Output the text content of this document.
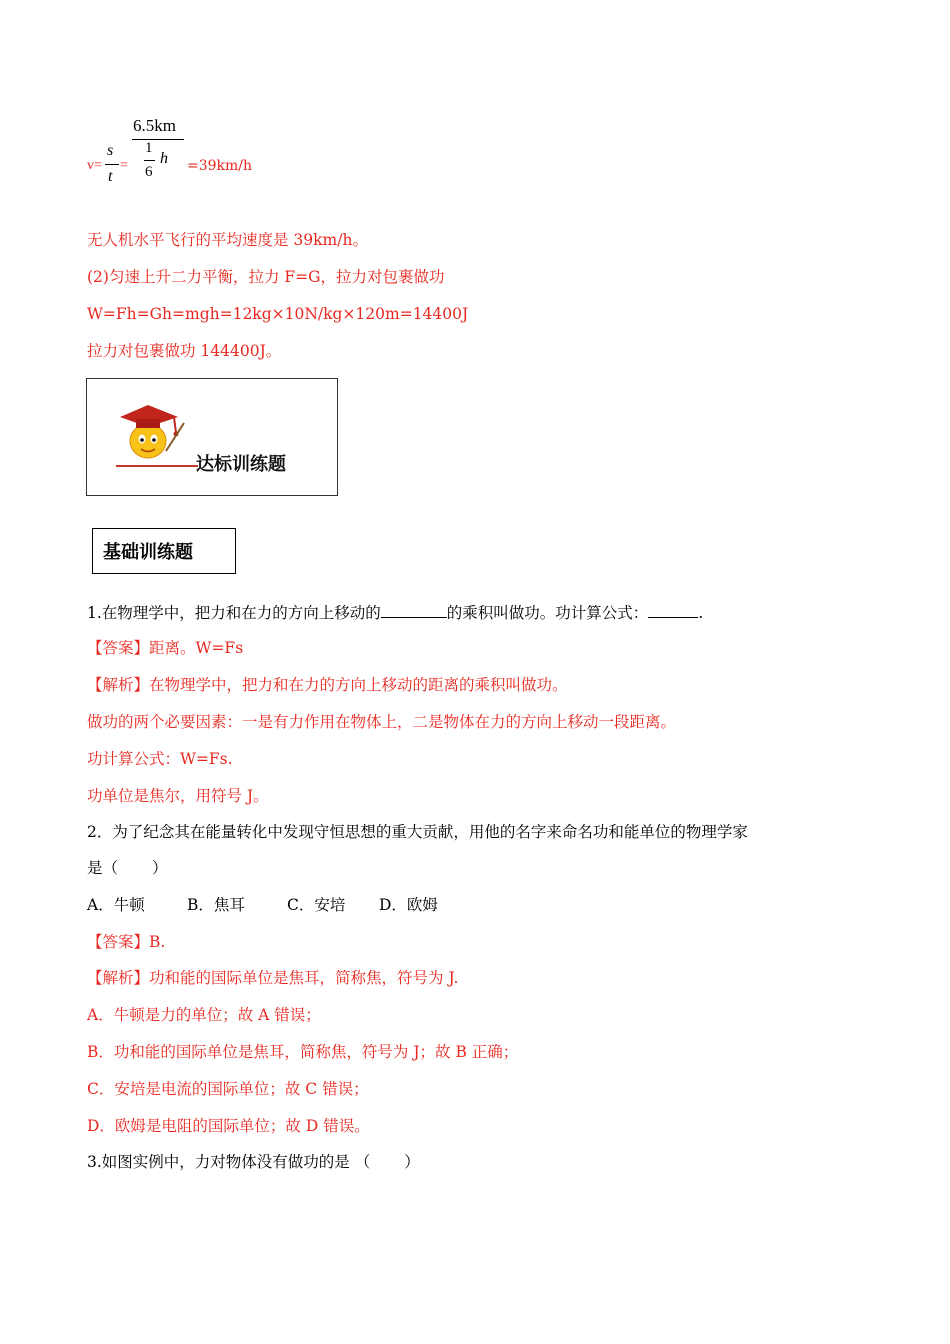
v=
s
t
=
6.5km
1
6
h =39km/h
无人机水平飞行的平均速度是 39km/h。
(2)匀速上升二力平衡，拉力 F=G，拉力对包裹做功
W=Fh=Gh=mgh=12kg×10N/kg×120m=14400J
拉力对包裹做功 144400J。
达标训练题
基础训练题
1.在物理学中，把力和在力的方向上移动的	的乘积叫做功。功计算公式：	.
【答案】距离。W=Fs
【解析】在物理学中，把力和在力的方向上移动的距离的乘积叫做功。
做功的两个必要因素：一是有力作用在物体上，二是物体在力的方向上移动一段距离。
功计算公式：W=Fs.
功单位是焦尔，用符号 J。
2．为了纪念其在能量转化中发现守恒思想的重大贡献，用他的名字来命名功和能单位的物理学家
是（ ）
A．牛顿	B．焦耳	C．安培 D．欧姆
【答案】B.
【解析】功和能的国际单位是焦耳，简称焦，符号为 J.
A．牛顿是力的单位；故 A 错误；
B．功和能的国际单位是焦耳，简称焦，符号为 J；故 B 正确；
C．安培是电流的国际单位；故 C 错误；
D．欧姆是电阻的国际单位；故 D 错误。
3.如图实例中，力对物体没有做功的是 （ ）
